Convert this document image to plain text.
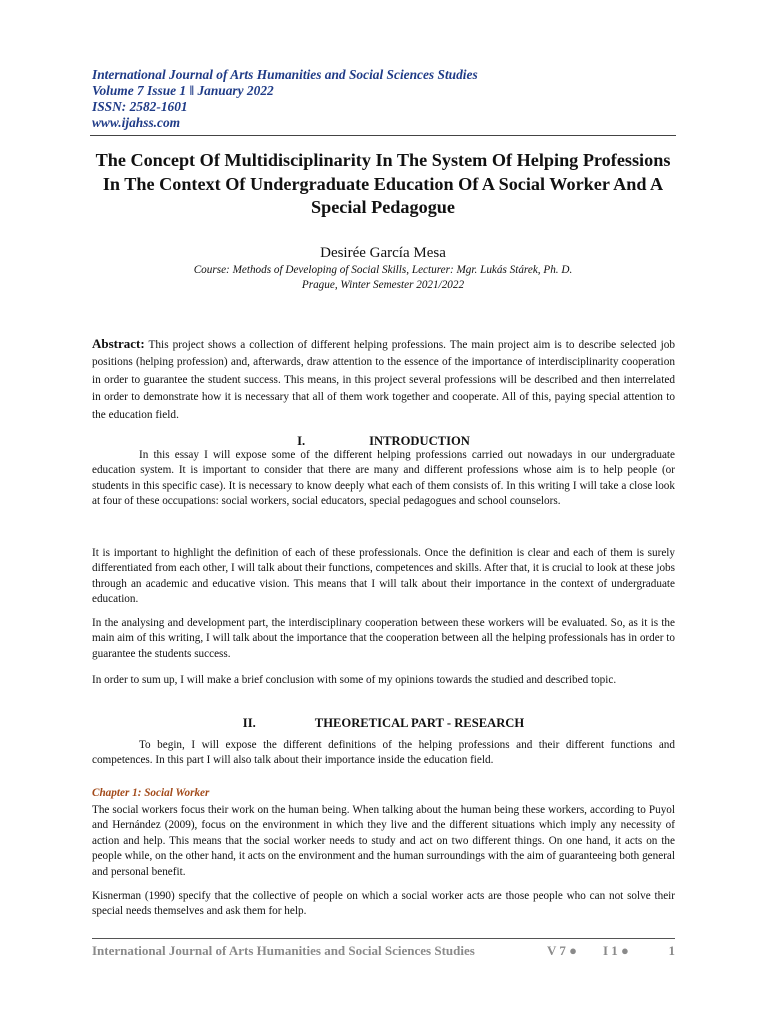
International Journal of Arts Humanities and Social Sciences Studies
Volume 7 Issue 1 ǁ January 2022
ISSN: 2582-1601
www.ijahss.com
The Concept Of Multidisciplinarity In The System Of Helping Professions In The Context Of Undergraduate Education Of A Social Worker And A Special Pedagogue
Desirée García Mesa
Course: Methods of Developing of Social Skills, Lecturer: Mgr. Lukás Stárek, Ph. D.
Prague, Winter Semester 2021/2022

Abstract: This project shows a collection of different helping professions. The main project aim is to describe selected job positions (helping profession) and, afterwards, draw attention to the essence of the importance of interdisciplinarity cooperation in order to guarantee the student success. This means, in this project several professions will be described and then interrelated in order to demonstrate how it is necessary that all of them work together and cooperate. All of this, paying special attention to the education field.

I.	INTRODUCTION

In this essay I will expose some of the different helping professions carried out nowadays in our undergraduate education system. It is important to consider that there are many and different professions whose aim is to help people (or students in this specific case). It is necessary to know deeply what each of them consists of. In this writing I will take a close look at four of these occupations: social workers, social educators, special pedagogues and school counselors.

It is important to highlight the definition of each of these professionals. Once the definition is clear and each of them is surely differentiated from each other, I will talk about their functions, competences and skills. After that, it is crucial to look at these jobs through an academic and educative vision. This means that I will talk about their importance in the context of undergraduate education.

In the analysing and development part, the interdisciplinary cooperation between these workers will be evaluated. So, as it is the main aim of this writing, I will talk about the importance that the cooperation between all the helping professionals has in order to guarantee the students success.

In order to sum up, I will make a brief conclusion with some of my opinions towards the studied and described topic.

II.	THEORETICAL PART - RESEARCH

To begin, I will expose the different definitions of the helping professions and their different functions and competences. In this part I will also talk about their importance inside the education field.

Chapter 1: Social Worker

The social workers focus their work on the human being. When talking about the human being these workers, according to Puyol and Hernández (2009), focus on the environment in which they live and the different situations which imply any necessity of action and help. This means that the social worker needs to study and act on two different things. On one hand, it acts on the people while, on the other hand, it acts on the environment and the human surroundings with the aim of guaranteeing both general and personal benefit.

Kisnerman (1990) specify that the collective of people on which a social worker acts are those people who can not solve their special needs themselves and ask them for help.

International Journal of Arts Humanities and Social Sciences Studies	V 7 ●	I 1 ●	1
